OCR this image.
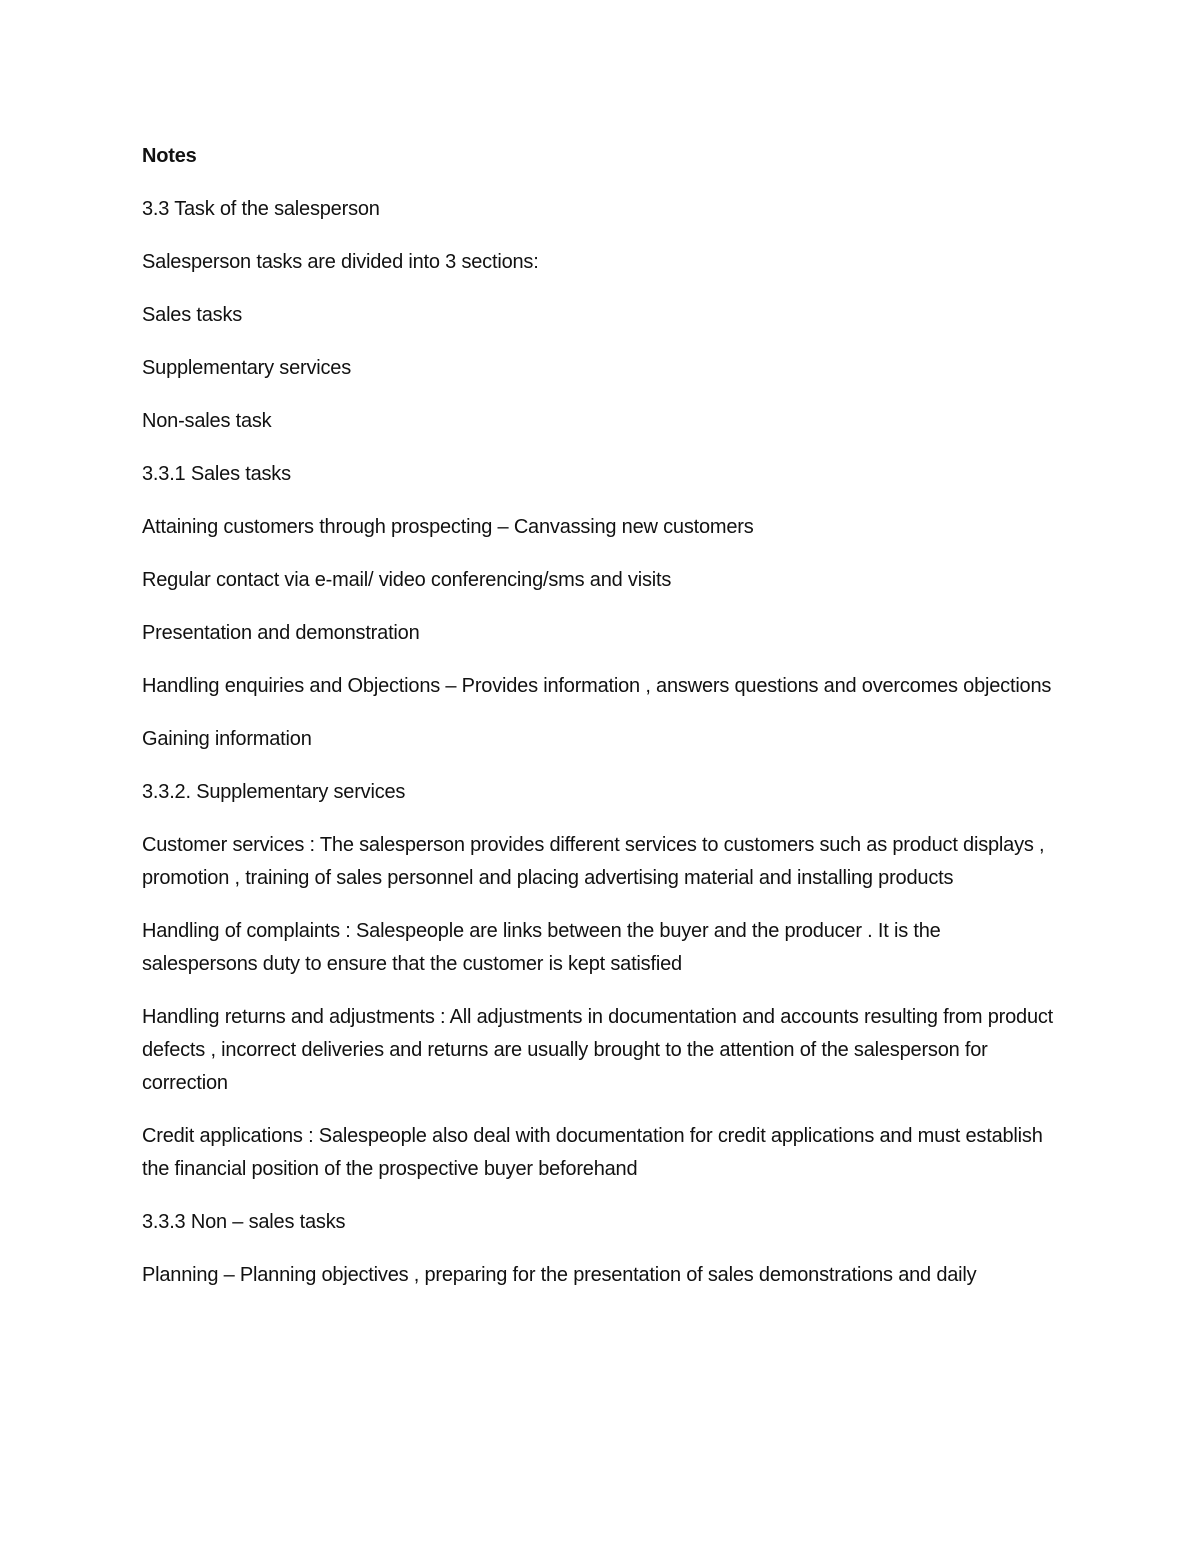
Notes

3.3 Task of the salesperson

Salesperson tasks are divided into 3 sections:

Sales tasks

Supplementary services

Non-sales task

3.3.1 Sales tasks

Attaining customers through prospecting – Canvassing new customers

Regular contact via e-mail/ video conferencing/sms and visits

Presentation and demonstration

Handling enquiries and Objections – Provides information , answers questions and overcomes objections

Gaining information

3.3.2. Supplementary services

Customer services : The salesperson provides different services to customers such as product displays , promotion , training of sales personnel and placing advertising material and installing products

Handling of complaints : Salespeople are links between the buyer and the producer . It is the salespersons duty to ensure that the customer is kept satisfied

Handling returns and adjustments : All adjustments in documentation and accounts resulting from product defects , incorrect deliveries and returns are usually brought to the attention of the salesperson for correction

Credit applications : Salespeople also deal with documentation for credit applications and must establish the financial position of the prospective buyer beforehand

3.3.3 Non – sales tasks

Planning – Planning objectives , preparing for the presentation of sales demonstrations and daily
